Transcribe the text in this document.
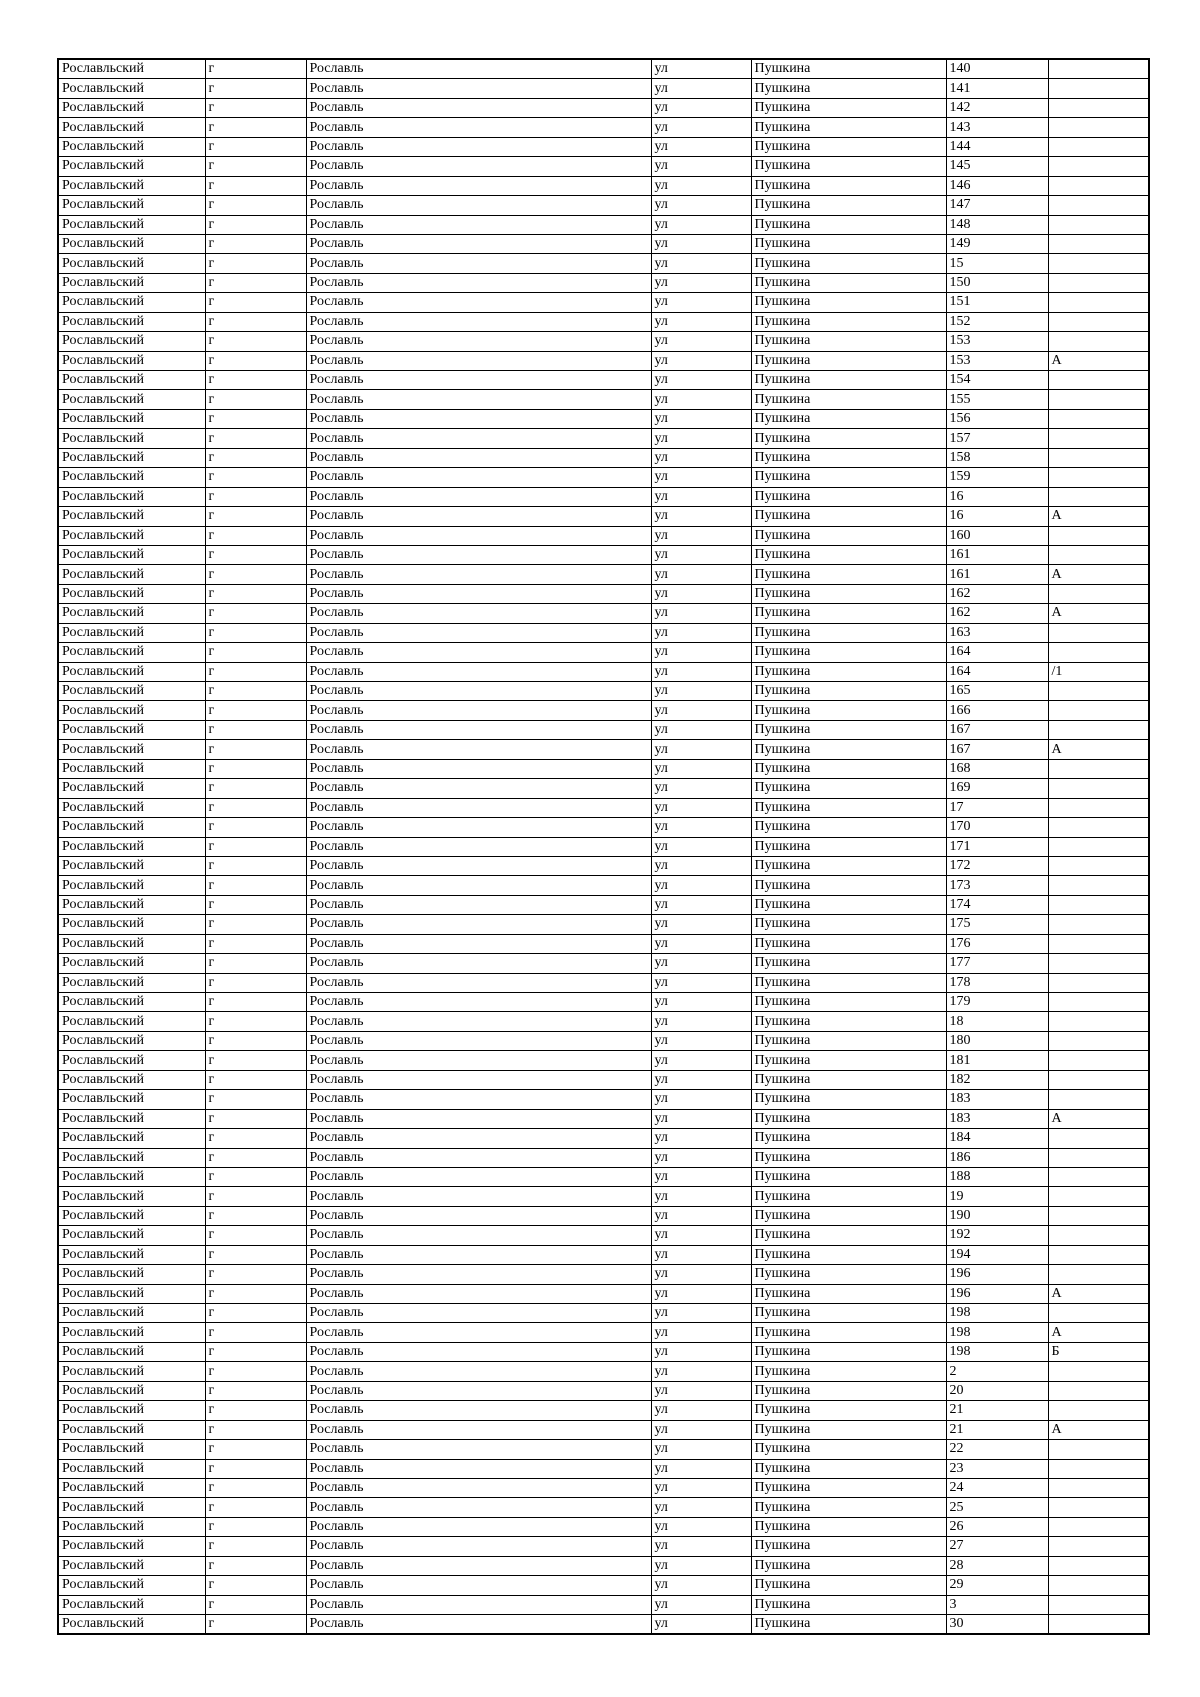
Рославльский	г	Рославль	ул	Пушкина	140	
Рославльский	г	Рославль	ул	Пушкина	141	
Рославльский	г	Рославль	ул	Пушкина	142	
Рославльский	г	Рославль	ул	Пушкина	143	
Рославльский	г	Рославль	ул	Пушкина	144	
Рославльский	г	Рославль	ул	Пушкина	145	
Рославльский	г	Рославль	ул	Пушкина	146	
Рославльский	г	Рославль	ул	Пушкина	147	
Рославльский	г	Рославль	ул	Пушкина	148	
Рославльский	г	Рославль	ул	Пушкина	149	
Рославльский	г	Рославль	ул	Пушкина	15	
Рославльский	г	Рославль	ул	Пушкина	150	
Рославльский	г	Рославль	ул	Пушкина	151	
Рославльский	г	Рославль	ул	Пушкина	152	
Рославльский	г	Рославль	ул	Пушкина	153	
Рославльский	г	Рославль	ул	Пушкина	153	А
Рославльский	г	Рославль	ул	Пушкина	154	
Рославльский	г	Рославль	ул	Пушкина	155	
Рославльский	г	Рославль	ул	Пушкина	156	
Рославльский	г	Рославль	ул	Пушкина	157	
Рославльский	г	Рославль	ул	Пушкина	158	
Рославльский	г	Рославль	ул	Пушкина	159	
Рославльский	г	Рославль	ул	Пушкина	16	
Рославльский	г	Рославль	ул	Пушкина	16	А
Рославльский	г	Рославль	ул	Пушкина	160	
Рославльский	г	Рославль	ул	Пушкина	161	
Рославльский	г	Рославль	ул	Пушкина	161	А
Рославльский	г	Рославль	ул	Пушкина	162	
Рославльский	г	Рославль	ул	Пушкина	162	А
Рославльский	г	Рославль	ул	Пушкина	163	
Рославльский	г	Рославль	ул	Пушкина	164	
Рославльский	г	Рославль	ул	Пушкина	164	/1
Рославльский	г	Рославль	ул	Пушкина	165	
Рославльский	г	Рославль	ул	Пушкина	166	
Рославльский	г	Рославль	ул	Пушкина	167	
Рославльский	г	Рославль	ул	Пушкина	167	А
Рославльский	г	Рославль	ул	Пушкина	168	
Рославльский	г	Рославль	ул	Пушкина	169	
Рославльский	г	Рославль	ул	Пушкина	17	
Рославльский	г	Рославль	ул	Пушкина	170	
Рославльский	г	Рославль	ул	Пушкина	171	
Рославльский	г	Рославль	ул	Пушкина	172	
Рославльский	г	Рославль	ул	Пушкина	173	
Рославльский	г	Рославль	ул	Пушкина	174	
Рославльский	г	Рославль	ул	Пушкина	175	
Рославльский	г	Рославль	ул	Пушкина	176	
Рославльский	г	Рославль	ул	Пушкина	177	
Рославльский	г	Рославль	ул	Пушкина	178	
Рославльский	г	Рославль	ул	Пушкина	179	
Рославльский	г	Рославль	ул	Пушкина	18	
Рославльский	г	Рославль	ул	Пушкина	180	
Рославльский	г	Рославль	ул	Пушкина	181	
Рославльский	г	Рославль	ул	Пушкина	182	
Рославльский	г	Рославль	ул	Пушкина	183	
Рославльский	г	Рославль	ул	Пушкина	183	А
Рославльский	г	Рославль	ул	Пушкина	184	
Рославльский	г	Рославль	ул	Пушкина	186	
Рославльский	г	Рославль	ул	Пушкина	188	
Рославльский	г	Рославль	ул	Пушкина	19	
Рославльский	г	Рославль	ул	Пушкина	190	
Рославльский	г	Рославль	ул	Пушкина	192	
Рославльский	г	Рославль	ул	Пушкина	194	
Рославльский	г	Рославль	ул	Пушкина	196	
Рославльский	г	Рославль	ул	Пушкина	196	А
Рославльский	г	Рославль	ул	Пушкина	198	
Рославльский	г	Рославль	ул	Пушкина	198	А
Рославльский	г	Рославль	ул	Пушкина	198	Б
Рославльский	г	Рославль	ул	Пушкина	2	
Рославльский	г	Рославль	ул	Пушкина	20	
Рославльский	г	Рославль	ул	Пушкина	21	
Рославльский	г	Рославль	ул	Пушкина	21	А
Рославльский	г	Рославль	ул	Пушкина	22	
Рославльский	г	Рославль	ул	Пушкина	23	
Рославльский	г	Рославль	ул	Пушкина	24	
Рославльский	г	Рославль	ул	Пушкина	25	
Рославльский	г	Рославль	ул	Пушкина	26	
Рославльский	г	Рославль	ул	Пушкина	27	
Рославльский	г	Рославль	ул	Пушкина	28	
Рославльский	г	Рославль	ул	Пушкина	29	
Рославльский	г	Рославль	ул	Пушкина	3	
Рославльский	г	Рославль	ул	Пушкина	30	
